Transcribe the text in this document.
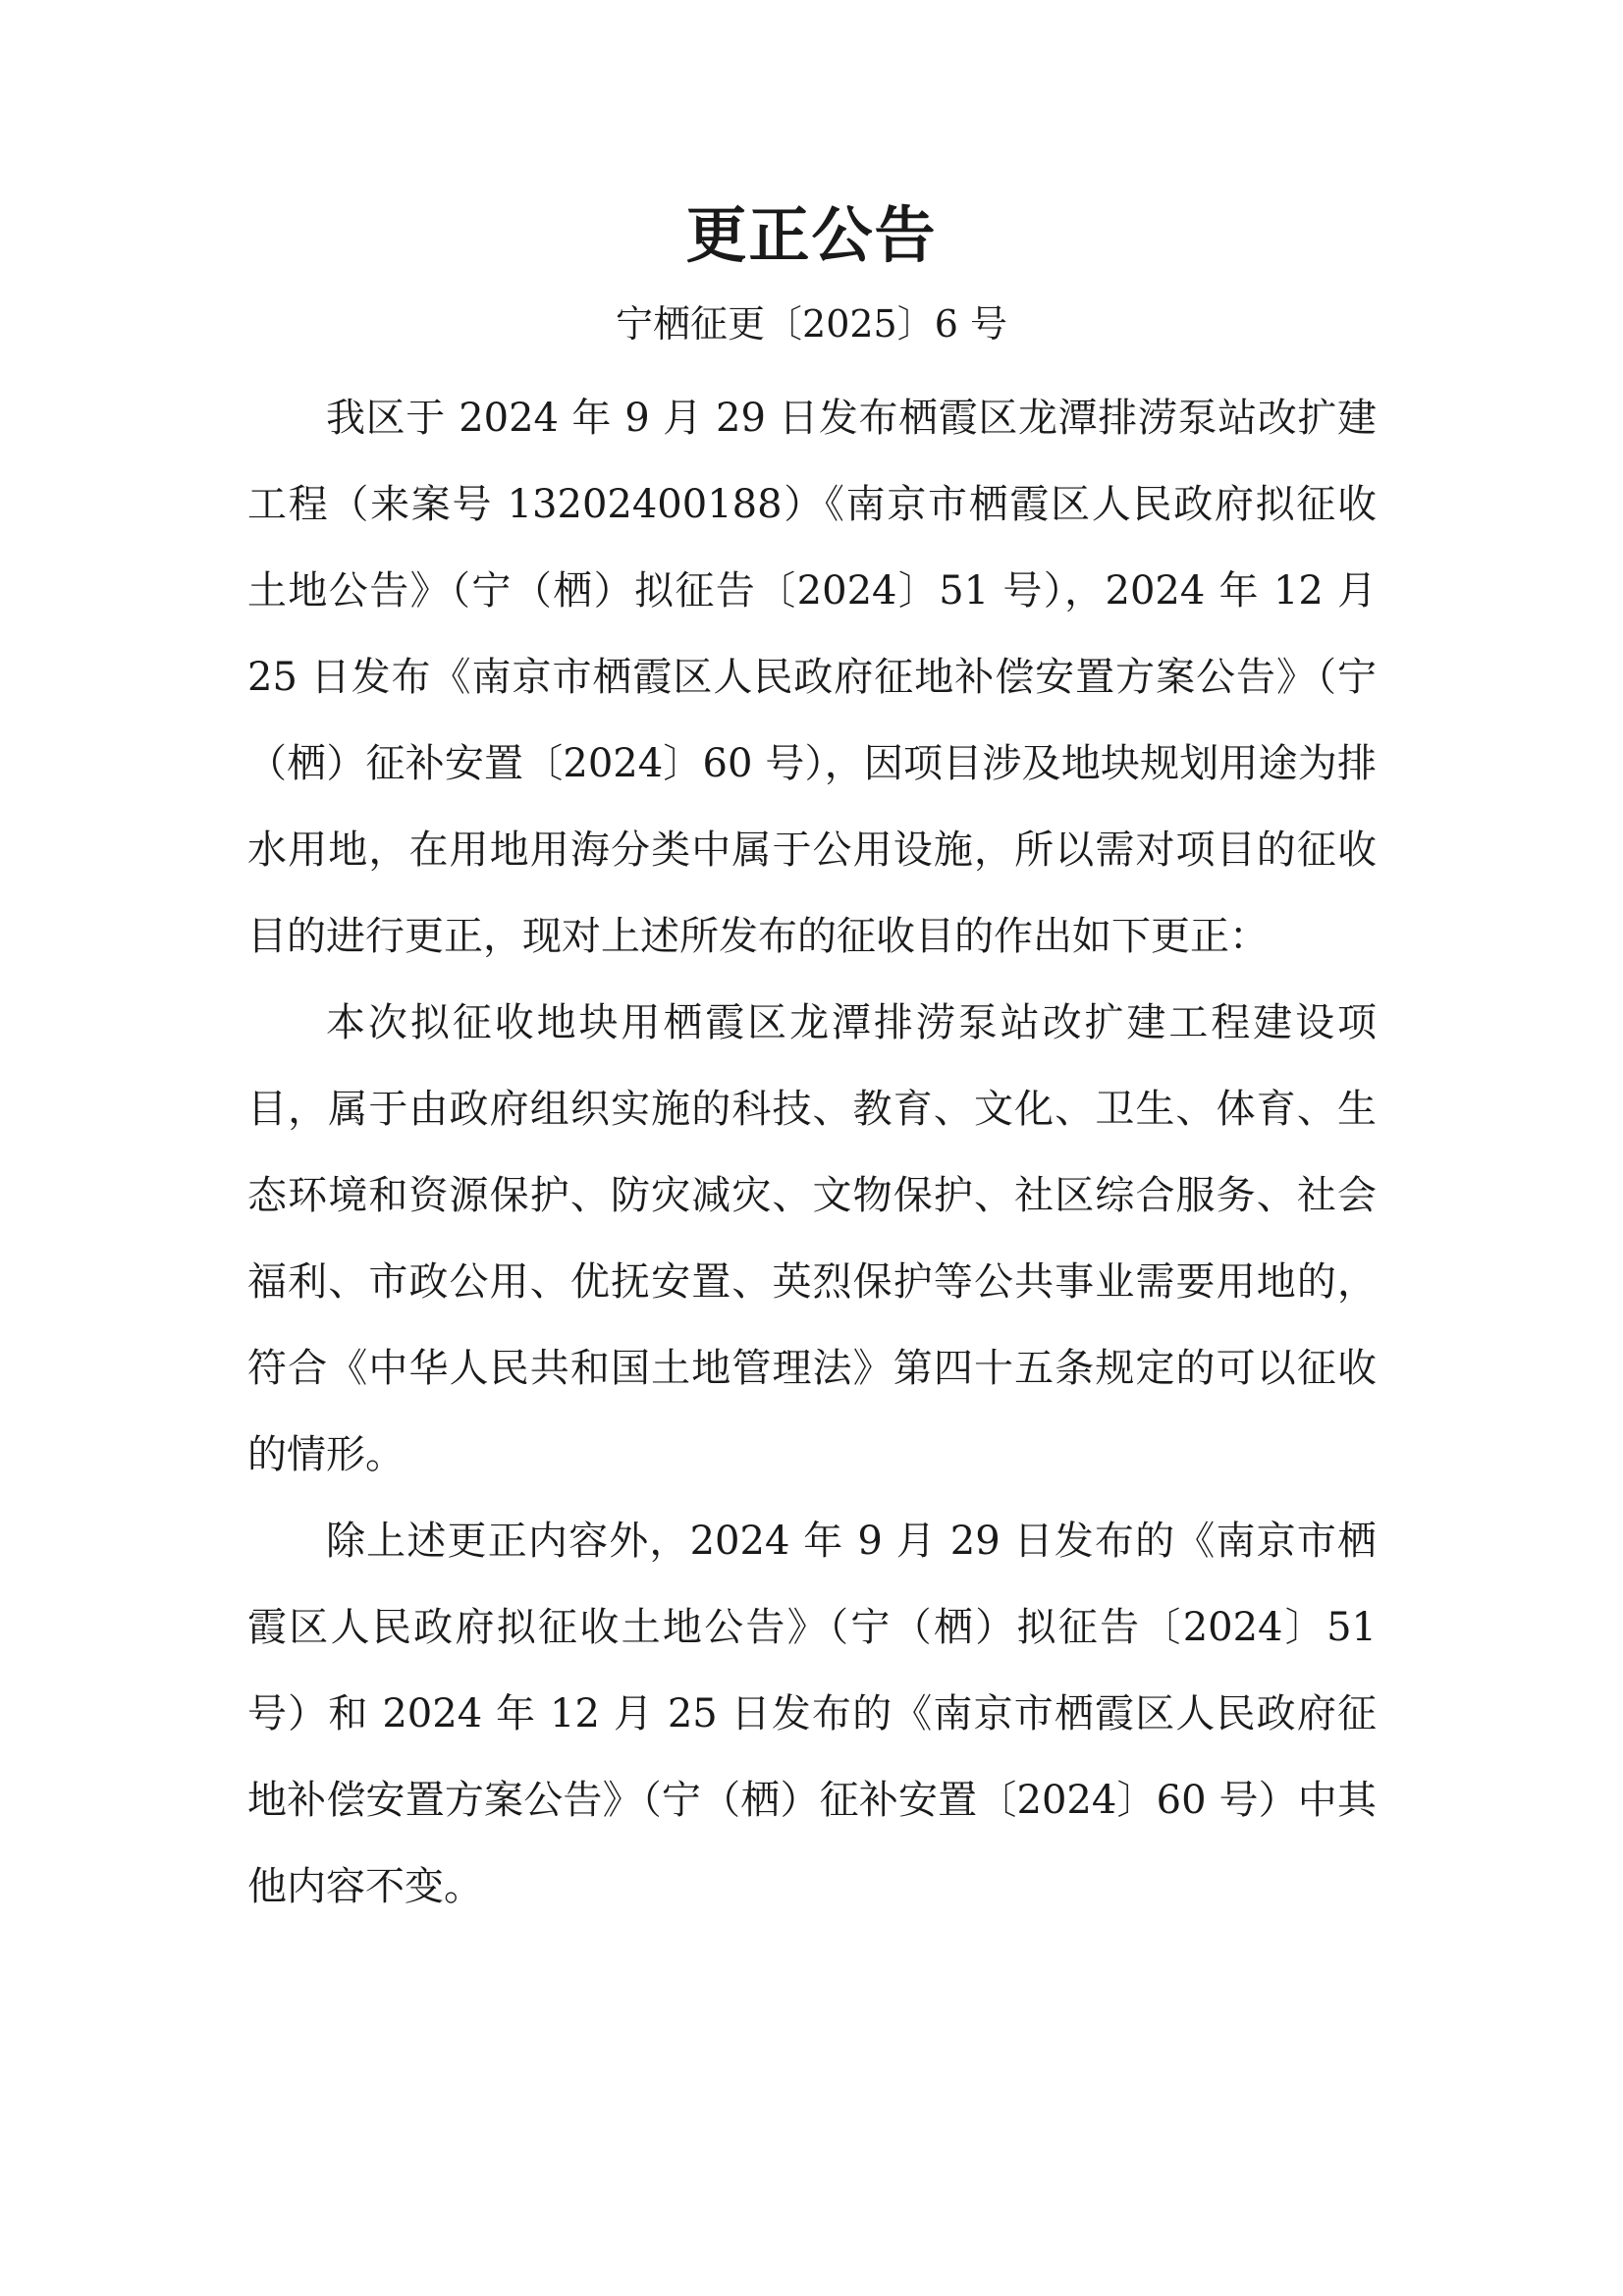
更正公告
宁栖征更〔2025〕6 号

我区于 2024 年 9 月 29 日发布栖霞区龙潭排涝泵站改扩建工程（来案号 13202400188）《南京市栖霞区人民政府拟征收土地公告》（宁（栖）拟征告〔2024〕51 号），2024 年 12 月 25 日发布《南京市栖霞区人民政府征地补偿安置方案公告》（宁（栖）征补安置〔2024〕60 号），因项目涉及地块规划用途为排水用地，在用地用海分类中属于公用设施，所以需对项目的征收目的进行更正，现对上述所发布的征收目的作出如下更正：

本次拟征收地块用栖霞区龙潭排涝泵站改扩建工程建设项目，属于由政府组织实施的科技、教育、文化、卫生、体育、生态环境和资源保护、防灾减灾、文物保护、社区综合服务、社会福利、市政公用、优抚安置、英烈保护等公共事业需要用地的，符合《中华人民共和国土地管理法》第四十五条规定的可以征收的情形。

除上述更正内容外，2024 年 9 月 29 日发布的《南京市栖霞区人民政府拟征收土地公告》（宁（栖）拟征告〔2024〕51 号）和 2024 年 12 月 25 日发布的《南京市栖霞区人民政府征地补偿安置方案公告》（宁（栖）征补安置〔2024〕60 号）中其他内容不变。
